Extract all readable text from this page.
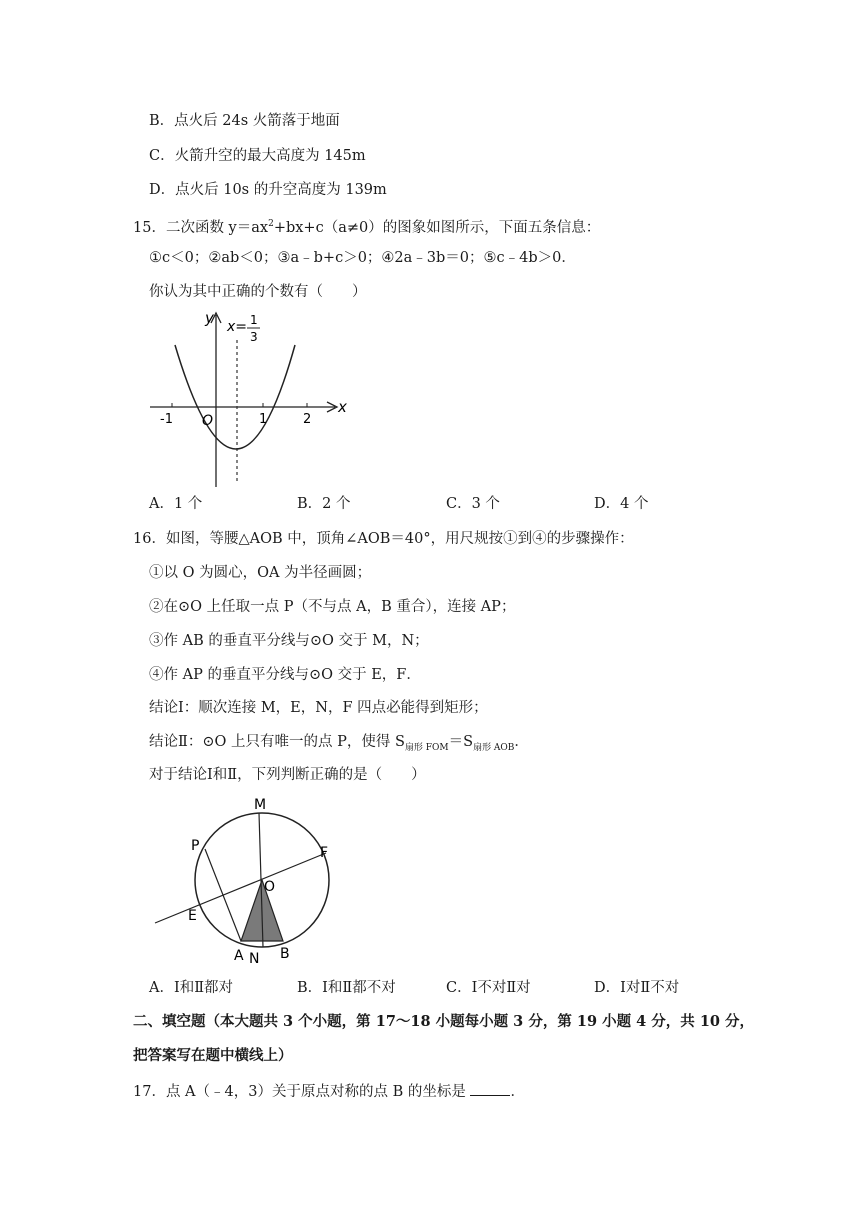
B．点火后 24s 火箭落于地面
C．火箭升空的最大高度为 145m
D．点火后 10s 的升空高度为 139m
15．二次函数 $y=ax^2+bx+c(a\ne 0)$的图象如图所示，下面五条信息：
①c＜0；②ab＜0；③a﹣b+c＞0；④2a﹣3b＝0；⑤c﹣4b＞0．
你认为其中正确的个数有（　　）
y
x
O
-1	1	2
x= 1
3
A．1 个	B．2 个	C．3 个	D．4 个
16．如图，等腰△AOB 中，顶角∠AOB＝40°，用尺规按①到④的步骤操作：
①以 O 为圆心，OA 为半径画圆；
②在⊙O 上任取一点 P（不与点 A，B 重合），连接 AP；
③作 AB 的垂直平分线与⊙O 交于 M，N；
④作 AP 的垂直平分线与⊙O 交于 E，F．
结论Ⅰ：顺次连接 M，E，N，F 四点必能得到矩形；
结论Ⅱ：⊙O 上只有唯一的点 P，使得 $S_{扇形 FOM}=S_{扇形 AOB}$．
对于结论Ⅰ和Ⅱ，下列判断正确的是（　　）
M
P	F
O
E
A N B
A．Ⅰ和Ⅱ都对	B．Ⅰ和Ⅱ都不对	C．Ⅰ不对Ⅱ对	D．Ⅰ对Ⅱ不对
二、填空题（本大题共 3 个小题，第 17～18 小题每小题 3 分，第 19 小题 4 分，共 10 分，
把答案写在题中横线上）
17．点 A（﹣4，3）关于原点对称的点 B 的坐标是	．
